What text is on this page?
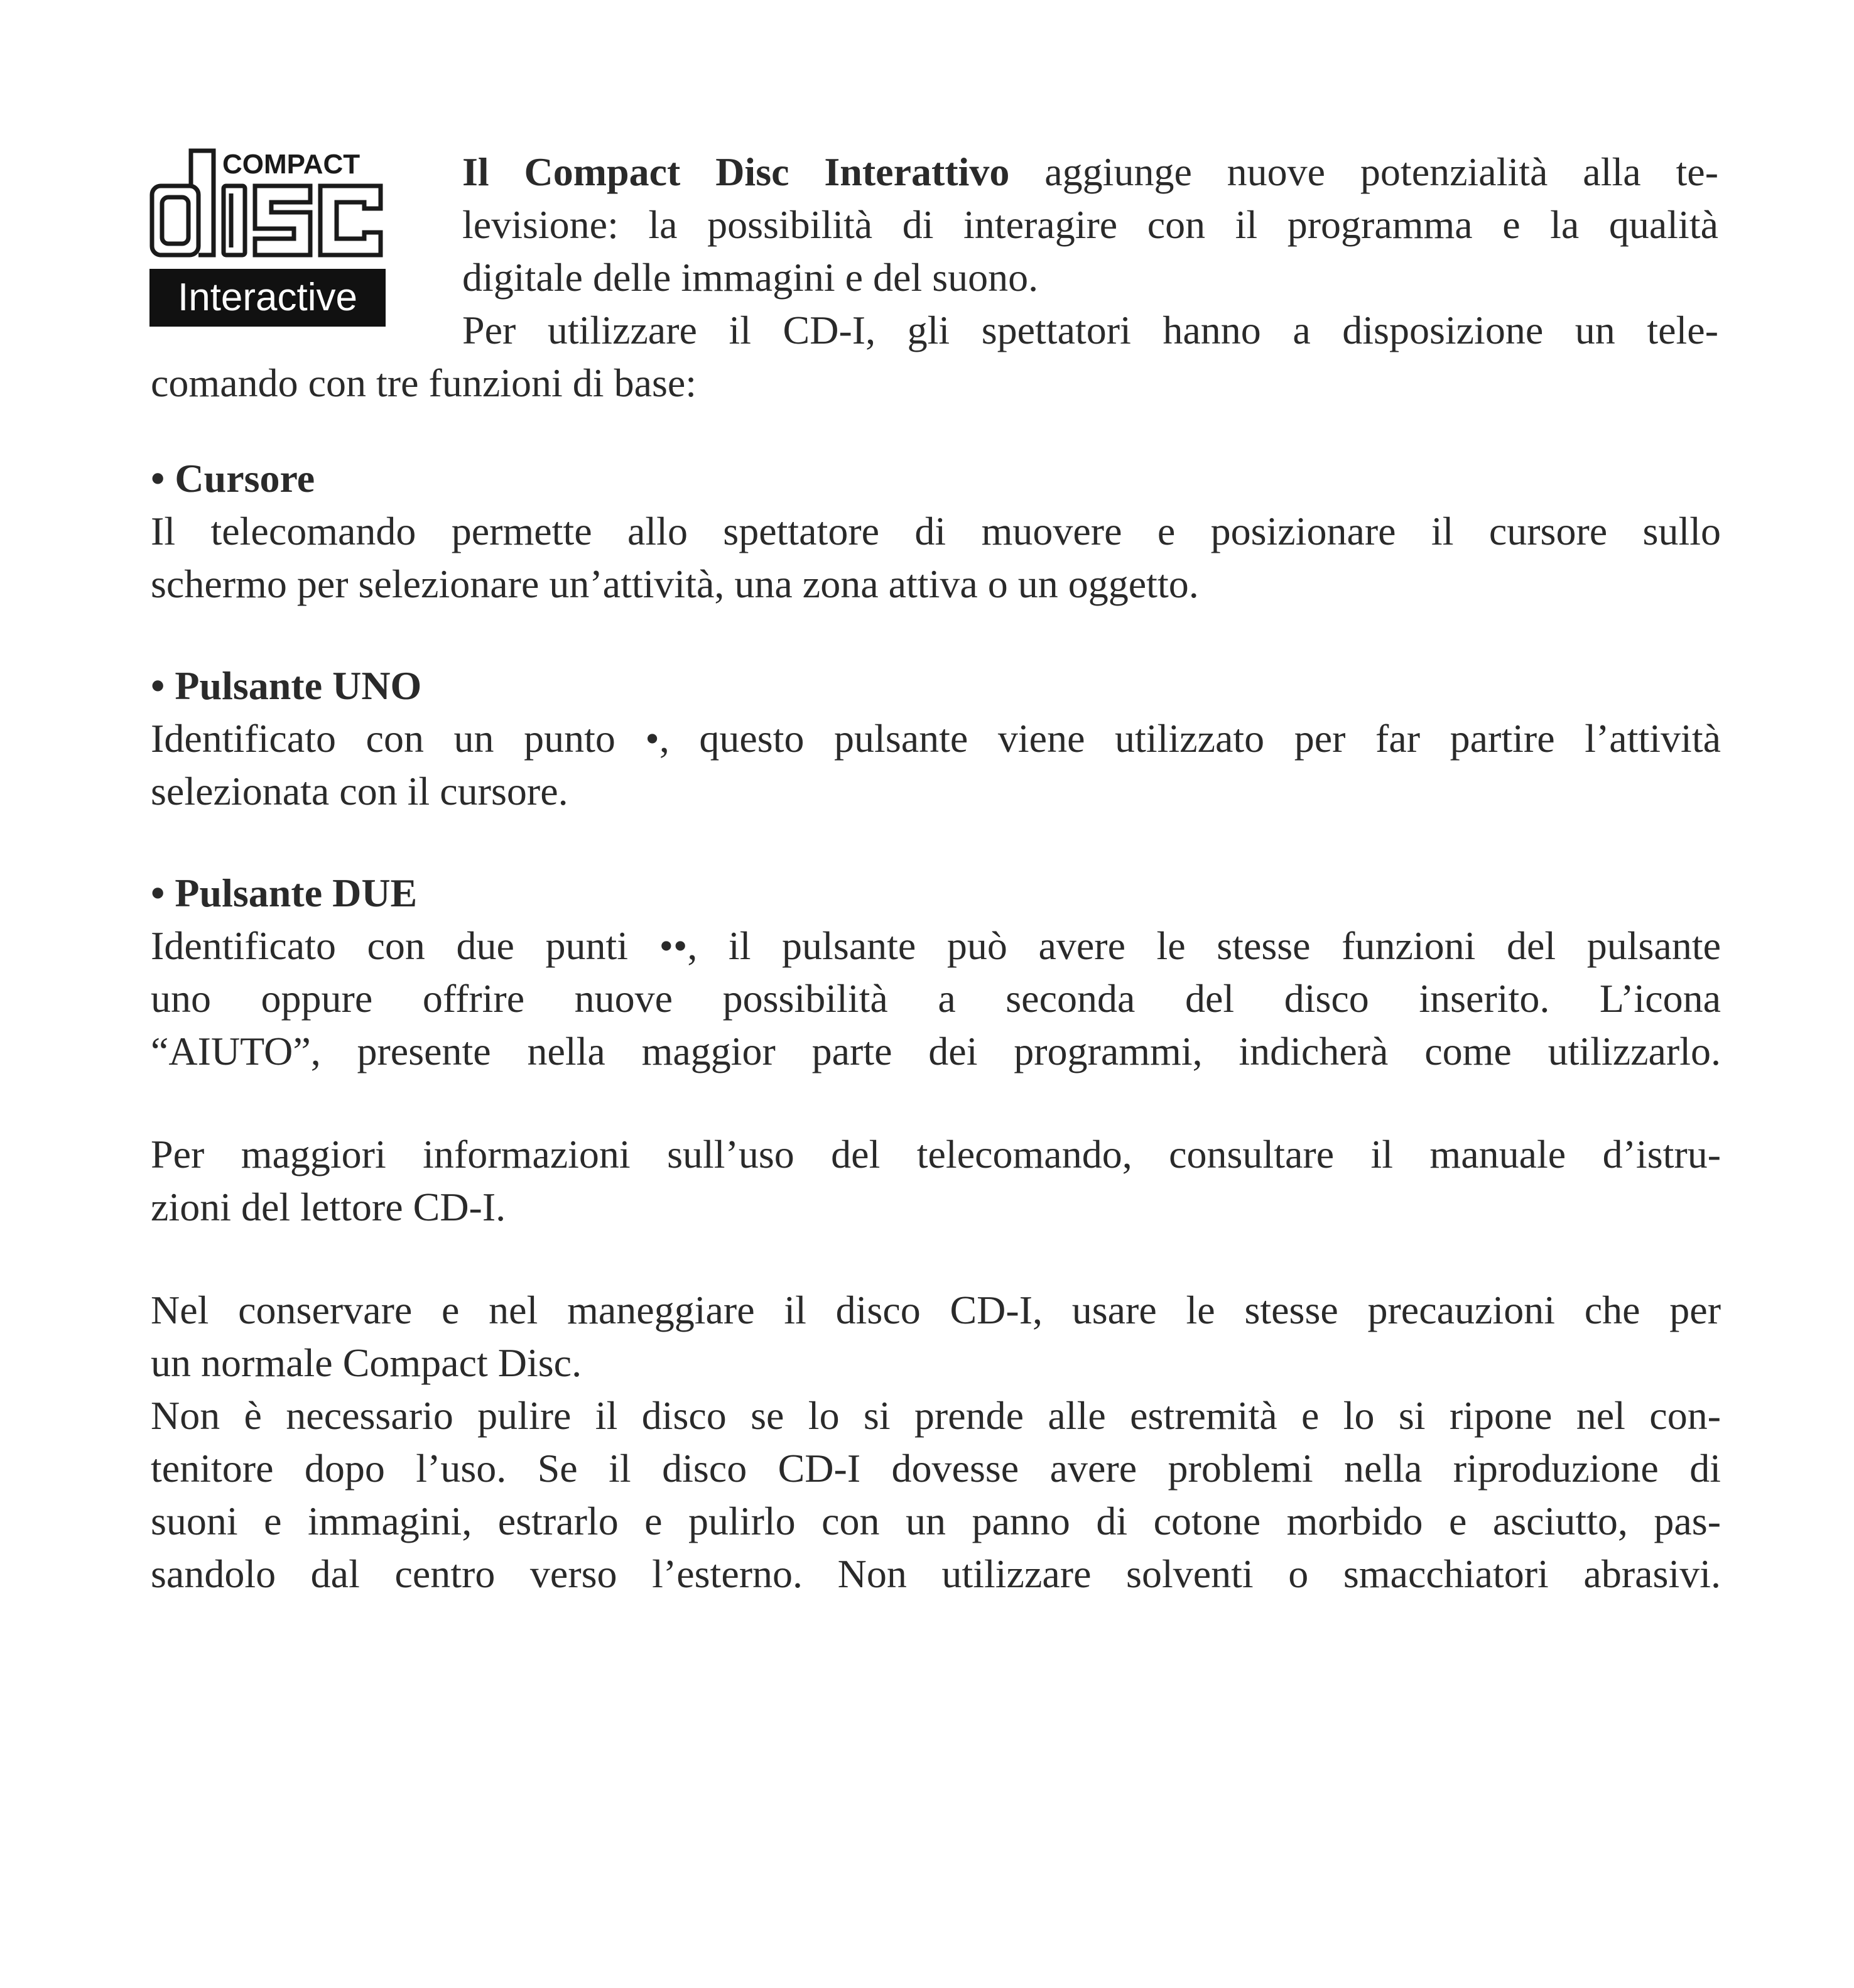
COMPACT
Interactive
Il Compact Disc Interattivo aggiunge nuove potenzialità alla te-
levisione: la possibilità di interagire con il programma e la qualità
digitale delle immagini e del suono.
Per utilizzare il CD-I, gli spettatori hanno a disposizione un tele-
comando con tre funzioni di base:
• Cursore
Il telecomando permette allo spettatore di muovere e posizionare il cursore sullo
schermo per selezionare un’attività, una zona attiva o un oggetto.
• Pulsante UNO
Identificato con un punto •, questo pulsante viene utilizzato per far partire l’attività
selezionata con il cursore.
• Pulsante DUE
Identificato con due punti ••, il pulsante può avere le stesse funzioni del pulsante
uno oppure offrire nuove possibilità a seconda del disco inserito. L’icona
“AIUTO”, presente nella maggior parte dei programmi, indicherà come utilizzarlo.
Per maggiori informazioni sull’uso del telecomando, consultare il manuale d’istru-
zioni del lettore CD-I.
Nel conservare e nel maneggiare il disco CD-I, usare le stesse precauzioni che per
un normale Compact Disc.
Non è necessario pulire il disco se lo si prende alle estremità e lo si ripone nel con-
tenitore dopo l’uso. Se il disco CD-I dovesse avere problemi nella riproduzione di
suoni e immagini, estrarlo e pulirlo con un panno di cotone morbido e asciutto, pas-
sandolo dal centro verso l’esterno. Non utilizzare solventi o smacchiatori abrasivi.
